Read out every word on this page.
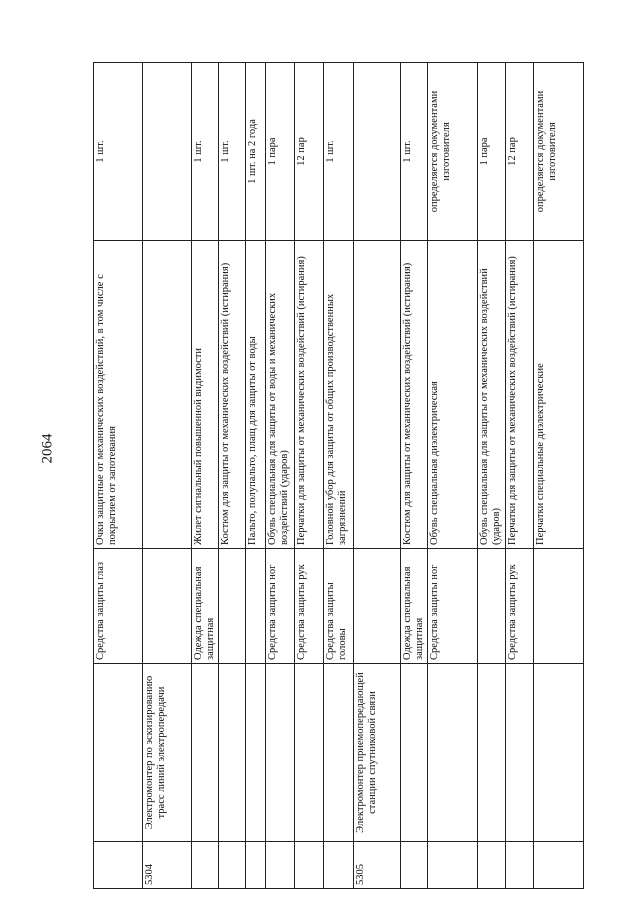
2064
		Средства защиты глаз	Очки защитные от механических воздействий, в том числе с покрытием от запотевания	1 шт.
5304	Электромонтер по эскизированию трасс линий электропередачи			
		Одежда специальная защитная	Жилет сигнальный повышенной видимости	1 шт.
			Костюм для защиты от механических воздействий (истирания)	1 шт.
			Пальто, полупальто, плащ для защиты от воды	1 шт. на 2 года
		Средства защиты ног	Обувь специальная для защиты от воды и механических воздействий (ударов)	1 пара
		Средства защиты рук	Перчатки для защиты от механических воздействий (истирания)	12 пар
		Средства защиты головы	Головной убор для защиты от общих производственных загрязнений	1 шт.
5305	Электромонтер приемопередающей станции спутниковой связи			
		Одежда специальная защитная	Костюм для защиты от механических воздействий (истирания)	1 шт.
		Средства защиты ног	Обувь специальная диэлектрическая	определяется документами изготовителя
			Обувь специальная для защиты от механических воздействий (ударов)	1 пара
		Средства защиты рук	Перчатки для защиты от механических воздействий (истирания)	12 пар
			Перчатки специальные диэлектрические	определяется документами изготовителя
